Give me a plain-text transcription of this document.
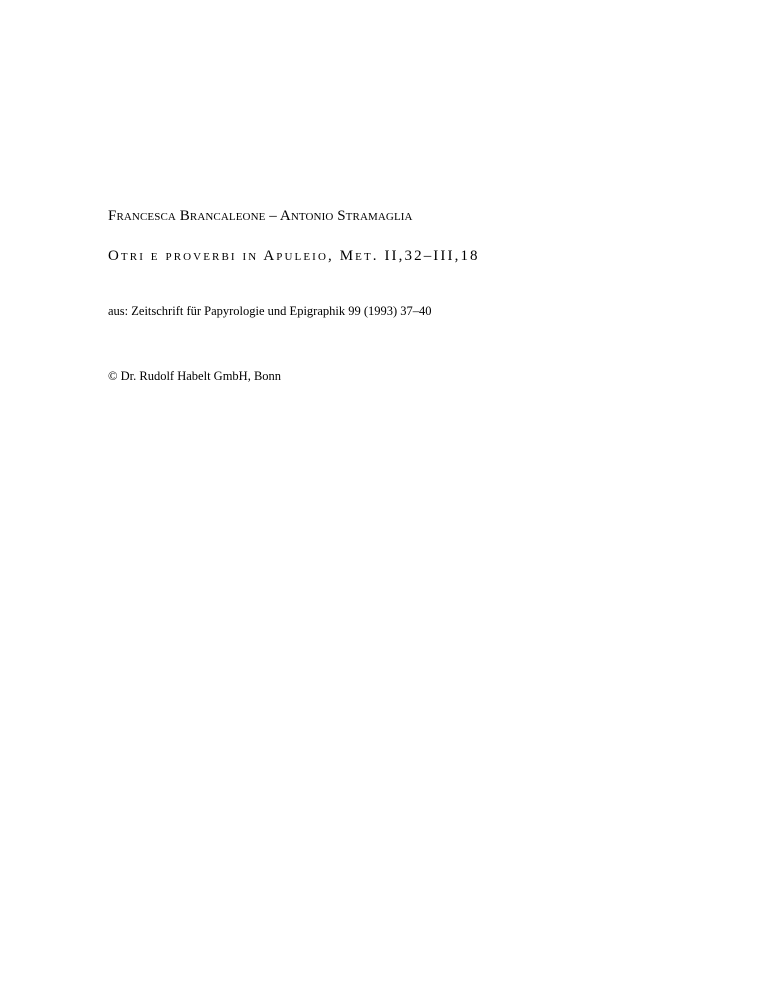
Francesca Brancaleone – Antonio Stramaglia
Otri e proverbi in Apuleio, Met. II,32–III,18
aus: Zeitschrift für Papyrologie und Epigraphik 99 (1993) 37–40
© Dr. Rudolf Habelt GmbH, Bonn
